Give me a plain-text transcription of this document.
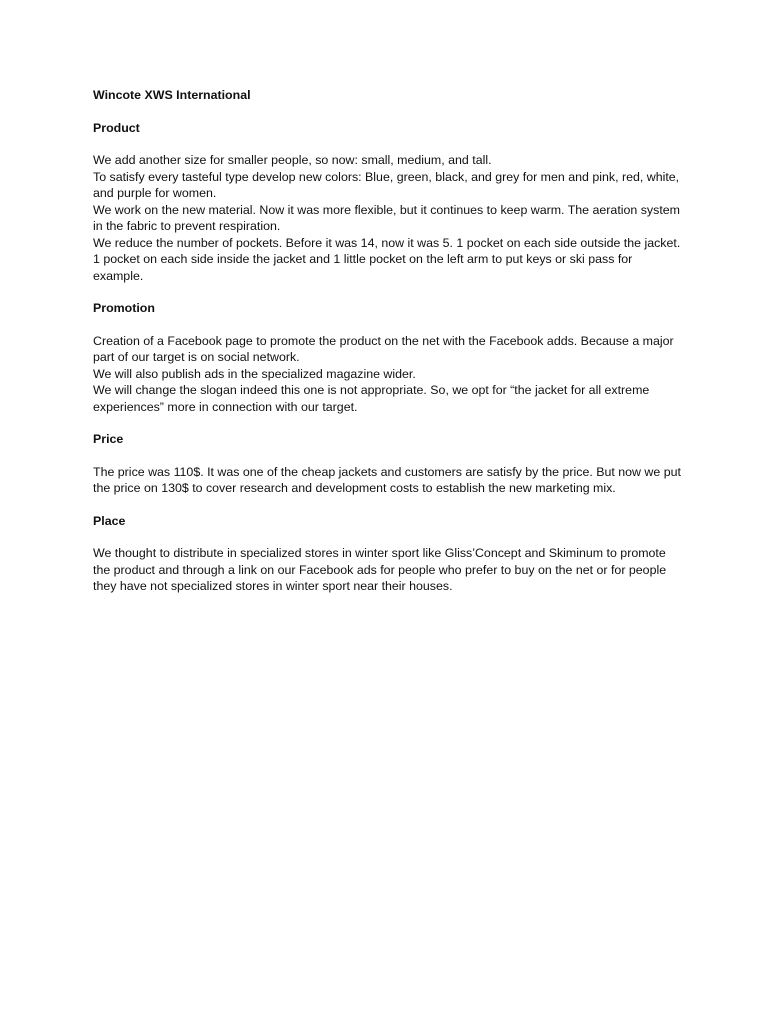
Wincote XWS International

Product

We add another size for smaller people, so now: small, medium, and tall.

To satisfy every tasteful type develop new colors: Blue, green, black, and grey for men and pink, red, white, and purple for women.

We work on the new material. Now it was more flexible, but it continues to keep warm. The aeration system in the fabric to prevent respiration.

We reduce the number of pockets. Before it was 14, now it was 5. 1 pocket on each side outside the jacket. 1 pocket on each side inside the jacket and 1 little pocket on the left arm to put keys or ski pass for example.

Promotion

Creation of a Facebook page to promote the product on the net with the Facebook adds. Because a major part of our target is on social network.

We will also publish ads in the specialized magazine wider.

We will change the slogan indeed this one is not appropriate. So, we opt for “the jacket for all extreme experiences” more in connection with our target.

Price

The price was 110$. It was one of the cheap jackets and customers are satisfy by the price. But now we put the price on 130$ to cover research and development costs to establish the new marketing mix.

Place

We thought to distribute in specialized stores in winter sport like Gliss’Concept and Skiminum to promote the product and through a link on our Facebook ads for people who prefer to buy on the net or for people they have not specialized stores in winter sport near their houses.
